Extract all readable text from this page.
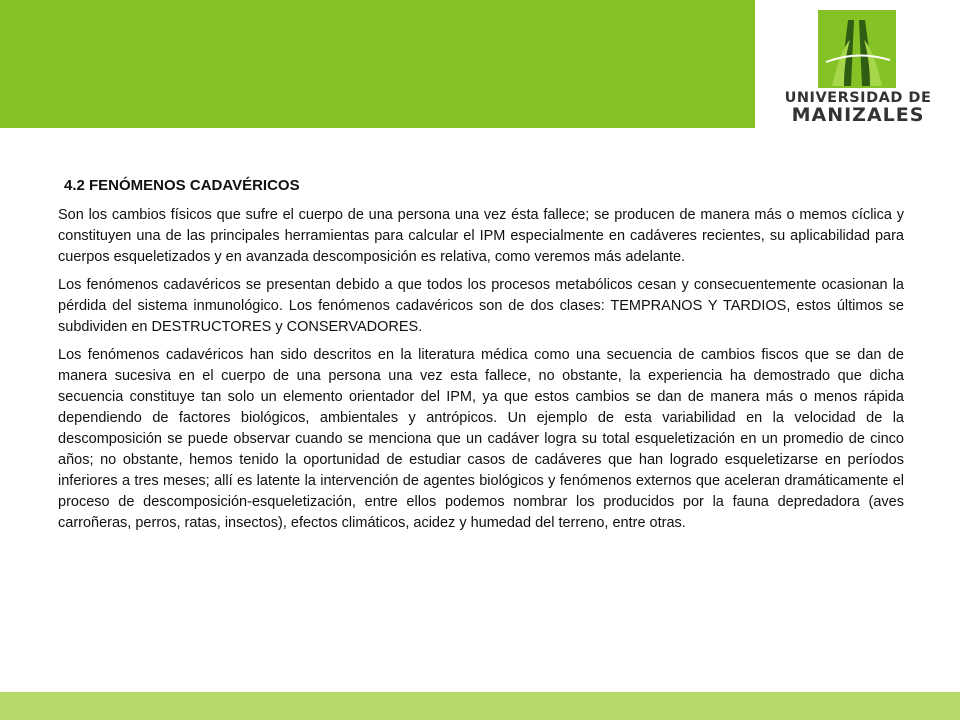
UNIVERSIDAD DE
MANIZALES
4.2 FENÓMENOS CADAVÉRICOS

Son los cambios físicos que sufre el cuerpo de una persona una vez ésta fallece; se producen de manera más o memos cíclica y constituyen una de las principales herramientas para calcular el IPM especialmente en cadáveres recientes, su aplicabilidad para cuerpos esqueletizados y en avanzada descomposición es relativa, como veremos más adelante.

Los fenómenos cadavéricos se presentan debido a que todos los procesos metabólicos cesan y consecuentemente ocasionan la pérdida del sistema inmunológico. Los fenómenos cadavéricos son de dos clases: TEMPRANOS Y TARDIOS, estos últimos se subdividen en DESTRUCTORES y CONSERVADORES.

Los fenómenos cadavéricos han sido descritos en la literatura médica como una secuencia de cambios fiscos que se dan de manera sucesiva en el cuerpo de una persona una vez esta fallece, no obstante, la experiencia ha demostrado que dicha secuencia constituye tan solo un elemento orientador del IPM, ya que estos cambios se dan de manera más o menos rápida dependiendo de factores biológicos, ambientales y antrópicos. Un ejemplo de esta variabilidad en la velocidad de la descomposición se puede observar cuando se menciona que un cadáver logra su total esqueletización en un promedio de cinco años; no obstante, hemos tenido la oportunidad de estudiar casos de cadáveres que han logrado esqueletizarse en períodos inferiores a tres meses; allí es latente la intervención de agentes biológicos y fenómenos externos que aceleran dramáticamente el proceso de descomposición-esqueletización, entre ellos podemos nombrar los producidos por la fauna depredadora (aves carroñeras, perros, ratas, insectos), efectos climáticos, acidez y humedad del terreno, entre otras.
